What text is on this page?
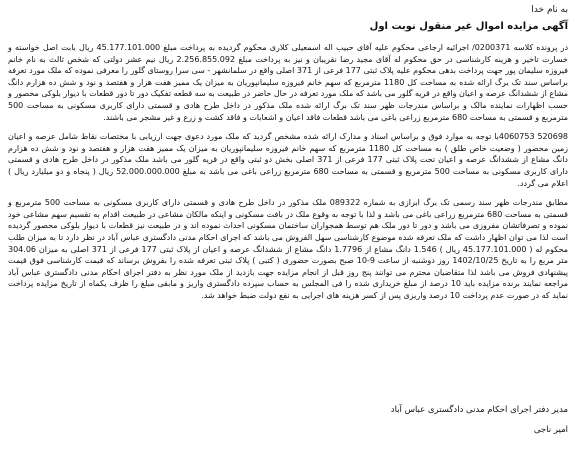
به نام خدا
آگهی مزایده اموال غیر منقول نوبت اول

در پرونده کلاسه 0200371/ اجرائیه ارجاعی محکوم علیه آقای حبیب اله اسمعیلی کلاری محکوم گردیده به پرداخت مبلغ 45.177.101.000 ریال بابت اصل خواسته و خسارت تاخیر و هزینه کارشناسی در حق محکوم له آقای مجید رضا نقریبان و نیز به پرداخت مبلغ 2.256.855.092 ریال نیم عشر دولتی که شخص ثالث به نام خانم فیروزه سلیمان پور جهت پرداخت بدهی محکوم علیه پلاک ثبتی 177 فرعی از 371 اصلی واقع در سلمانشهر - سی سرا روستای گلور را معرفی نموده که ملک مورد تعرفه براساس سند تک برگ ارائه شده به مساحت کل 1180 مترمربع که سهم خانم فیروزه سلیمانپوریان به میزان یک ممیز هفت هزار و هفتصد و نود و شش ده هزارم دانگ مشاع از ششدانگ عرصه و اعیان واقع در قریه گلور می باشد که ملک مورد تعرفه در حال حاضر در طبیعت به سه قطعه تفکیک دور تا دور قطعات با دیوار بلوکی محصور و حسب اظهارات نماینده مالک و براساس مندرجات ظهر سند تک برگ ارائه شده ملک مذکور در داخل طرح هادی و قسمتی دارای کاربری مسکونی به مساحت 500 مترمربع و قسمتی به مساحت 680 مترمربع زراعی باغی می باشد قطعات فاقد اعیان و اشعابات و فاقد کشت و زرع و غیر مشجر می باشند.

520698 4060753با توجه به موارد فوق و براساس اسناد و مدارک ارائه شده مشخص گردید که ملک مورد دعوی جهت ارزیابی با مختصات نقاط شامل عرصه و اعیان زمین محصور ( وضعیت خاص طلق ) به مساحت کل 1180 مترمربع که سهم خانم فیروزه سلیمانپوریان به میزان یک ممیز هفت هزار و هفتصد و نود و شش ده هزارم دانگ مشاع از ششدانگ عرصه و اعیان تحت پلاک ثبتی 177 فرعی از 371 اصلی بخش دو ثبتی واقع در قریه گلور می باشد ملک مذکور در داخل طرح هادی و قسمتی دارای کاربری مسکونی به مساحت 500 مترمربع و قسمتی به مساحت 680 مترمربع زراعی باغی می باشد به مبلغ 52.000.000.000 ریال ( پنجاه و دو میلیارد ریال ) اعلام می گردد.

مطابق مندرجات ظهر سند رسمی تک برگ ابرازی به شماره 089322 ملک مذکور در داخل طرح هادی و قسمتی دارای کاربری مسکونی به مساحت 500 مترمربع و قسمتی به مساحت 680 مترمربع زراعی باغی می باشد و لذا با توجه به وقوع ملک در بافت مسکونی و اینکه مالکان مشاعی در طبیعت اقدام به تقسیم سهم مشاعی خود نموده و تصرفاتشان مفروزی می باشد و دور تا دور ملک هم توسط همجواران ساختمان مسکونی احداث نموده اند و در طبیعت نیز قطعات با دیوار بلوکی محصور گردیده است لذا می توان اظهار داشت که ملک تعرفه شده موضوع کارشناسی سهل الفروش می باشد که اجرای احکام مدنی دادگستری عباس آباد در نظر دارد تا به میزان طلب محکوم له ( 45.177.101.000 ریال ) 1.546 دانگ مشاع از 1.7796 دانگ مشاع از ششدانگ عرصه و اعیان از پلاک ثبتی 177 فرعی از 371 اصلی به میزان 304.06 متر مربع را به تاریخ 1402/10/25 روز دوشنبه از ساعت 9-10 صبح بصورت حضوری ( کتبی ) پلاک ثبتی تعرفه شده را بفروش برساند که قیمت کارشناسی فوق قیمت پیشنهادی فروش می باشد لذا متقاضیان محترم می توانند پنج روز قبل از انجام مزایده جهت بازدید از ملک مورد نظر به دفتر اجرای احکام مدنی دادگستری عباس آباد مراجعه نمایند برنده مزایده باید 10 درصد از مبلغ خریداری شده را فی المجلس به حساب سپرده دادگستری واریز و مابقی مبلغ را ظرف یکماه از تاریخ مزایده پرداخت نماید که در صورت عدم پرداخت 10 درصد واریزی پس از کسر هزینه های اجرایی به نفع دولت ضبط خواهد شد.

مدیر دفتر اجرای احکام مدنی دادگستری عباس آباد
امیر ناجی
